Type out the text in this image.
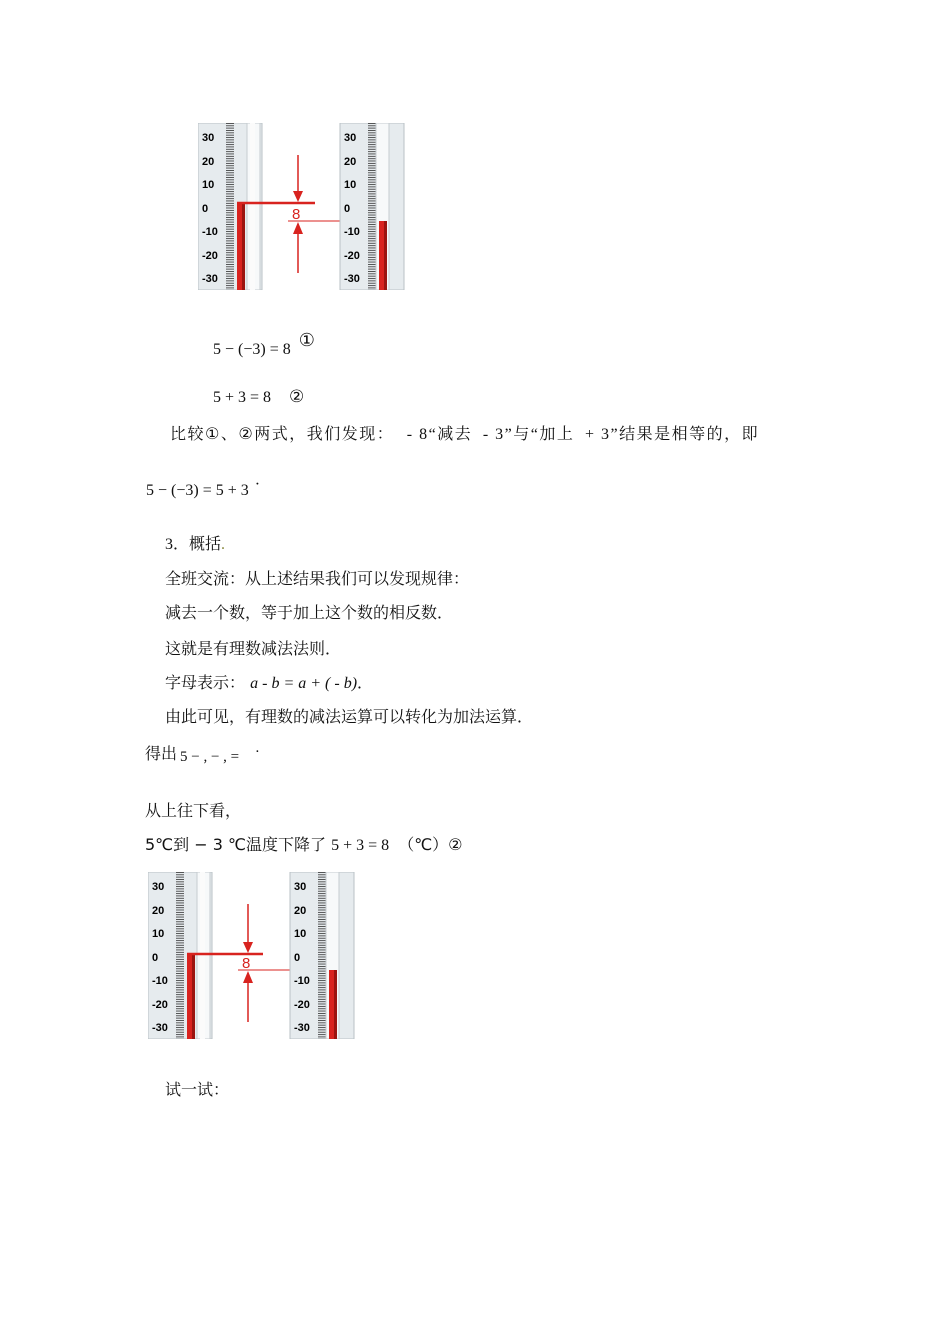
30
20
10
0
-10
-20
-30
8
30
20
10
0
-10
-20
-30
5 − (−3) = 8 ①
5 + 3 = 8 ②
比较①、②两式，我们发现： - 8“减去 - 3”与“加上 + 3”结果是相等的，即
5 − (−3) = 5 + 3 ·
3．概括.
全班交流：从上述结果我们可以发现规律：
减去一个数，等于加上这个数的相反数．
这就是有理数减法法则．
字母表示： a - b = a + ( - b)．
由此可见，有理数的减法运算可以转化为加法运算．
得出 5 − , − , = ·
从上往下看，
5℃到 − 3 ℃温度下降了 5 + 3 = 8 （℃）②
30
20
10
0
-10
-20
-30
8
30
20
10
0
-10
-20
-30
试一试：
